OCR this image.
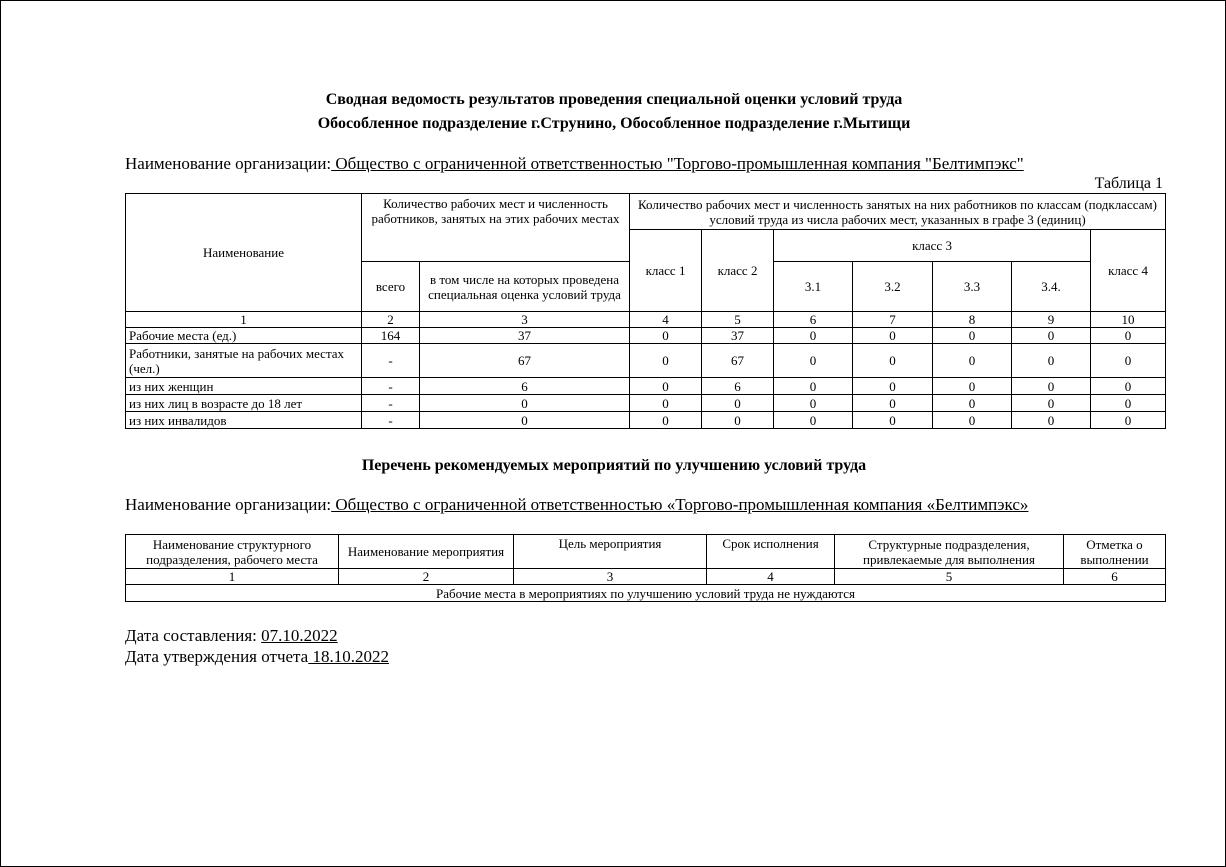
Сводная ведомость результатов проведения специальной оценки условий труда
Обособленное подразделение г.Струнино, Обособленное подразделение г.Мытищи
Наименование организации: Общество с ограниченной ответственностью "Торгово-промышленная компания "Белтимпэкс"
Таблица 1
Наименование	Количество рабочих мест и численность работников, занятых на этих рабочих местах		Количество рабочих мест и численность занятых на них работников по классам (подклассам) условий труда из числа рабочих мест, указанных в графе 3 (единиц)						
			класс 1	класс 2	класс 3				класс 4
	всего	в том числе на которых проведена специальная оценка условий труда			3.1	3.2	3.3	3.4.	
1	2	3	4	5	6	7	8	9	10
Рабочие места (ед.)	164	37	0	37	0	0	0	0	0
Работники, занятые на рабочих местах (чел.)	-	67	0	67	0	0	0	0	0
из них женщин	-	6	0	6	0	0	0	0	0
из них лиц в возрасте до 18 лет	-	0	0	0	0	0	0	0	0
из них инвалидов	-	0	0	0	0	0	0	0	0
Перечень рекомендуемых мероприятий по улучшению условий труда
Наименование организации: Общество с ограниченной ответственностью «Торгово-промышленная компания «Белтимпэкс»
Наименование структурного подразделения, рабочего места	Наименование мероприятия	Цель мероприятия	Срок исполнения	Структурные подразделения, привлекаемые для выполнения	Отметка о выполнении
1	2	3	4	5	6
Рабочие места в мероприятиях по улучшению условий труда не нуждаются					
Дата составления: 07.10.2022
Дата утверждения отчета 18.10.2022
